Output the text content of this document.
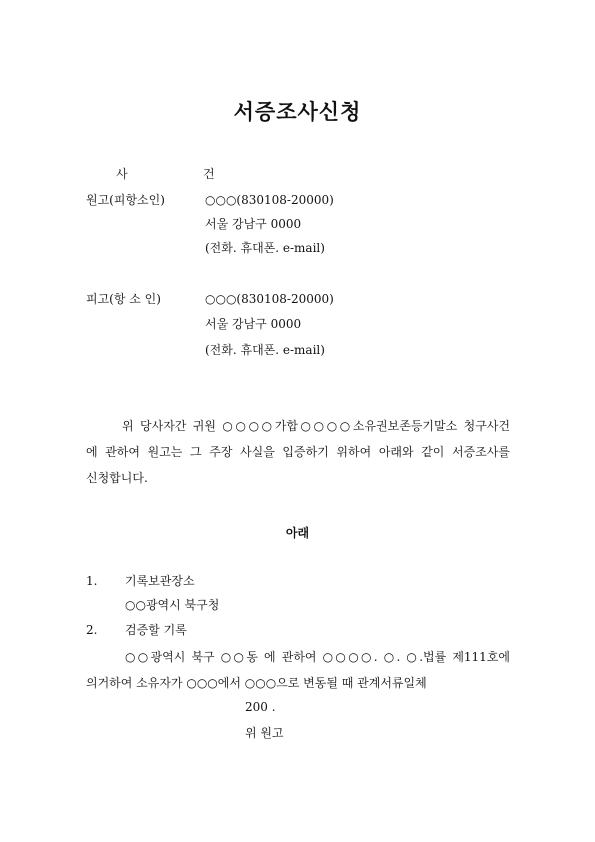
서증조사신청
사	건
원고(피항소인)	○○○(830108-20000)
서울 강남구 0000
(전화. 휴대폰. e-mail)
피고(항 소 인)	○○○(830108-20000)
서울 강남구 0000
(전화. 휴대폰. e-mail)
위 당사자간 귀원 ○○○○가합○○○○소유권보존등기말소 청구사건
에 관하여 원고는 그 주장 사실을 입증하기 위하여 아래와 같이 서증조사를
신청합니다.
아래
1. 기록보관장소
○○광역시 북구청
2. 검증할 기록
○○광역시 북구 ○○동 에 관하여 ○○○○. ○. ○.법률 제111호에
의거하여 소유자가 ○○○에서 ○○○으로 변동될 때 관계서류일체
200 .
위 원고
